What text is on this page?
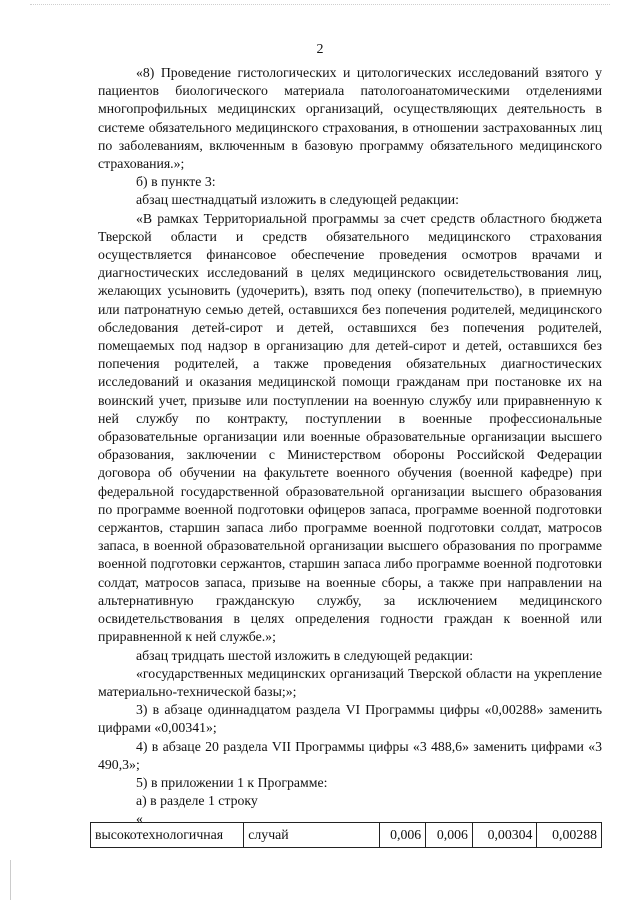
2

«8) Проведение гистологических и цитологических исследований взятого у пациентов биологического материала патологоанатомическими отделениями многопрофильных медицинских организаций, осуществляющих деятельность в системе обязательного медицинского страхования, в отношении застрахованных лиц по заболеваниям, включенным в базовую программу обязательного медицинского страхования.»;

б) в пункте 3:

абзац шестнадцатый изложить в следующей редакции:

«В рамках Территориальной программы за счет средств областного бюджета Тверской области и средств обязательного медицинского страхования осуществляется финансовое обеспечение проведения осмотров врачами и диагностических исследований в целях медицинского освидетельствования лиц, желающих усыновить (удочерить), взять под опеку (попечительство), в приемную или патронатную семью детей, оставшихся без попечения родителей, медицинского обследования детей-сирот и детей, оставшихся без попечения родителей, помещаемых под надзор в организацию для детей-сирот и детей, оставшихся без попечения родителей, а также проведения обязательных диагностических исследований и оказания медицинской помощи гражданам при постановке их на воинский учет, призыве или поступлении на военную службу или приравненную к ней службу по контракту, поступлении в военные профессиональные образовательные организации или военные образовательные организации высшего образования, заключении с Министерством обороны Российской Федерации договора об обучении на факультете военного обучения (военной кафедре) при федеральной государственной образовательной организации высшего образования по программе военной подготовки офицеров запаса, программе военной подготовки сержантов, старшин запаса либо программе военной подготовки солдат, матросов запаса, в военной образовательной организации высшего образования по программе военной подготовки сержантов, старшин запаса либо программе военной подготовки солдат, матросов запаса, призыве на военные сборы, а также при направлении на альтернативную гражданскую службу, за исключением медицинского освидетельствования в целях определения годности граждан к военной или приравненной к ней службе.»;

абзац тридцать шестой изложить в следующей редакции:

«государственных медицинских организаций Тверской области на укрепление материально-технической базы;»;

3) в абзаце одиннадцатом раздела VI Программы цифры «0,00288» заменить цифрами «0,00341»;

4) в абзаце 20 раздела VII Программы цифры «3 488,6» заменить цифрами «3 490,3»;

5) в приложении 1 к Программе:

а) в разделе 1 строку

«

высокотехнологичная	случай	0,006	0,006	0,00304	0,00288
